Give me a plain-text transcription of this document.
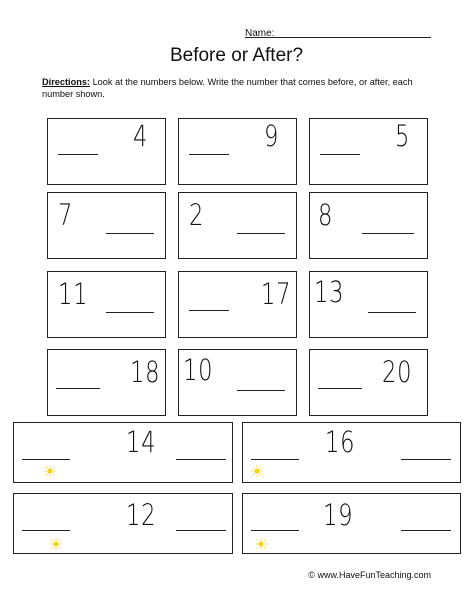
Name:
Before or After?
Directions: Look at the numbers below. Write the number that comes before, or after, each number shown.
4	9	5
7	2	8
11	17 13
18 10	20
14	16
12	19
© www.HaveFunTeaching.com
